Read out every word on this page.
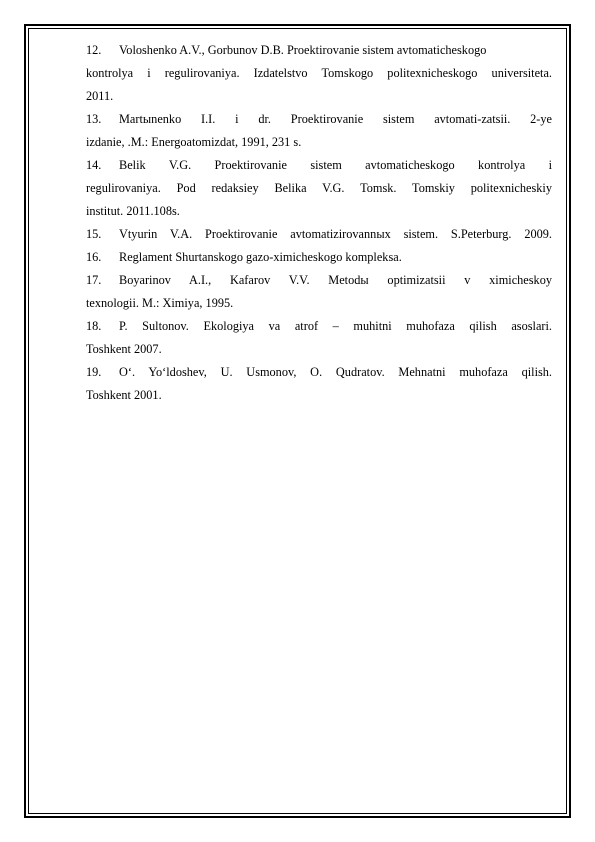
12.	Voloshenko A.V., Gorbunov D.B. Proektirovanie sistem avtomaticheskogo
kontrolya i regulirovaniya. Izdatelstvo Tomskogo politexnicheskogo universiteta.
2011.
13.	Martыnenko I.I. i dr. Proektirovanie sistem avtomati-zatsii. 2-ye
izdanie, .M.: Energoatomizdat, 1991, 231 s.
14.	Belik V.G. Proektirovanie sistem avtomaticheskogo kontrolya i
regulirovaniya. Pod redaksiey Belika V.G. Tomsk. Tomskiy politexnicheskiy
institut. 2011.108s.
15.	Vtyurin V.A. Proektirovanie avtomatizirovannыx sistem. S.Peterburg. 2009.
16.	Reglament Shurtanskogo gazo-ximicheskogo kompleksa.
17.	Boyarinov A.I., Kafarov V.V. Metodы optimizatsii v ximicheskoy
texnologii. M.: Ximiya, 1995.
18.	P. Sultonov. Ekologiya va atrof – muhitni muhofaza qilish asoslari.
Toshkent 2007.
19.	O‘. Yo‘ldoshev, U. Usmonov, O. Qudratov. Mehnatni muhofaza qilish.
Toshkent 2001.
